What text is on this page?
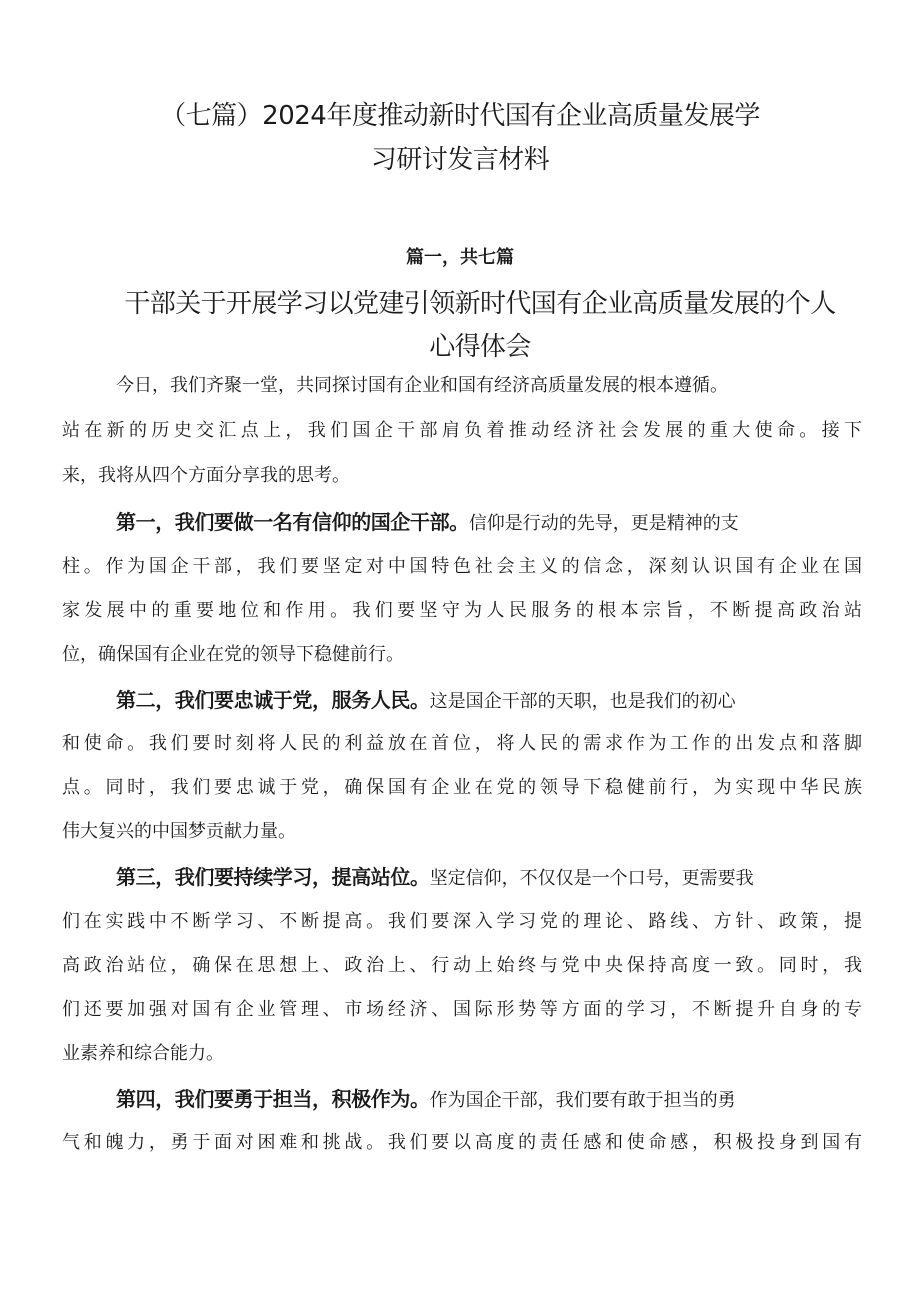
（七篇）2024年度推动新时代国有企业高质量发展学
习研讨发言材料
篇一，共七篇
干部关于开展学习以党建引领新时代国有企业高质量发展的个人
心得体会
今日，我们齐聚一堂，共同探讨国有企业和国有经济高质量发展的根本遵循。
站在新的历史交汇点上，我们国企干部肩负着推动经济社会发展的重大使命。接下
来，我将从四个方面分享我的思考。
第一，我们要做一名有信仰的国企干部。信仰是行动的先导，更是精神的支
柱。作为国企干部，我们要坚定对中国特色社会主义的信念，深刻认识国有企业在国
家发展中的重要地位和作用。我们要坚守为人民服务的根本宗旨，不断提高政治站
位，确保国有企业在党的领导下稳健前行。
第二，我们要忠诚于党，服务人民。这是国企干部的天职，也是我们的初心
和使命。我们要时刻将人民的利益放在首位，将人民的需求作为工作的出发点和落脚
点。同时，我们要忠诚于党，确保国有企业在党的领导下稳健前行，为实现中华民族
伟大复兴的中国梦贡献力量。
第三，我们要持续学习，提高站位。坚定信仰，不仅仅是一个口号，更需要我
们在实践中不断学习、不断提高。我们要深入学习党的理论、路线、方针、政策，提
高政治站位，确保在思想上、政治上、行动上始终与党中央保持高度一致。同时，我
们还要加强对国有企业管理、市场经济、国际形势等方面的学习，不断提升自身的专
业素养和综合能力。
第四，我们要勇于担当，积极作为。作为国企干部，我们要有敢于担当的勇
气和魄力，勇于面对困难和挑战。我们要以高度的责任感和使命感，积极投身到国有
